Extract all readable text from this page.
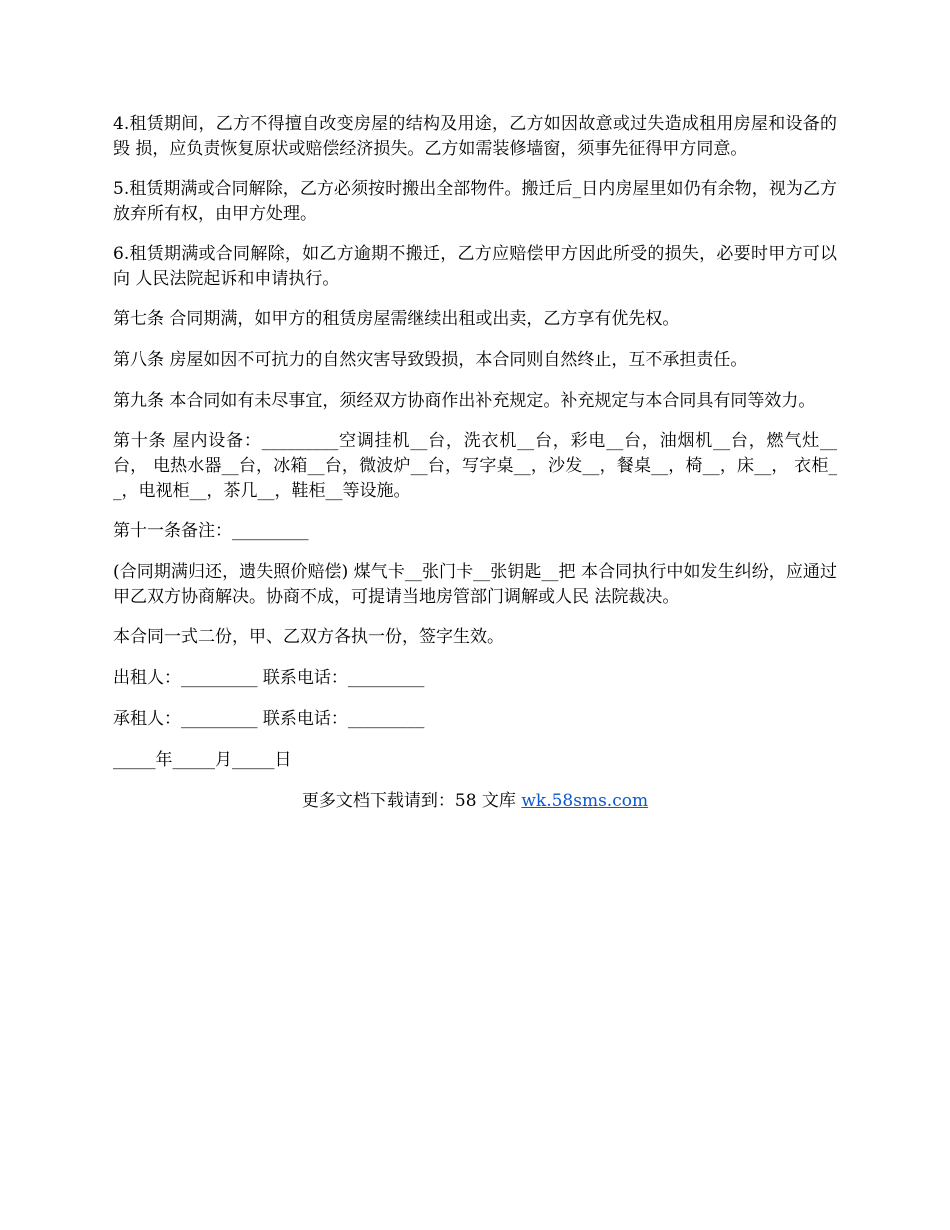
4.租赁期间，乙方不得擅自改变房屋的结构及用途，乙方如因故意或过失造成租用房屋和设备的毁 损，应负责恢复原状或赔偿经济损失。乙方如需装修墙窗，须事先征得甲方同意。

5.租赁期满或合同解除，乙方必须按时搬出全部物件。搬迁后_日内房屋里如仍有余物，视为乙方 放弃所有权，由甲方处理。

6.租赁期满或合同解除，如乙方逾期不搬迁，乙方应赔偿甲方因此所受的损失，必要时甲方可以向 人民法院起诉和申请执行。

第七条 合同期满，如甲方的租赁房屋需继续出租或出卖，乙方享有优先权。

第八条 房屋如因不可抗力的自然灾害导致毁损，本合同则自然终止，互不承担责任。

第九条 本合同如有未尽事宜，须经双方协商作出补充规定。补充规定与本合同具有同等效力。

第十条 屋内设备：_________空调挂机__台，洗衣机__台，彩电__台，油烟机__台，燃气灶__台， 电热水器__台，冰箱__台，微波炉__台，写字桌__，沙发__，餐桌__，椅__，床__， 衣柜__，电视柜__，茶几__，鞋柜__等设施。

第十一条备注：_________

(合同期满归还，遗失照价赔偿) 煤气卡__张门卡__张钥匙__把 本合同执行中如发生纠纷，应通过甲乙双方协商解决。协商不成，可提请当地房管部门调解或人民 法院裁决。

本合同一式二份，甲、乙双方各执一份，签字生效。

出租人：_________ 联系电话：_________

承租人：_________ 联系电话：_________

_____年_____月_____日

更多文档下载请到：58 文库 wk.58sms.com
